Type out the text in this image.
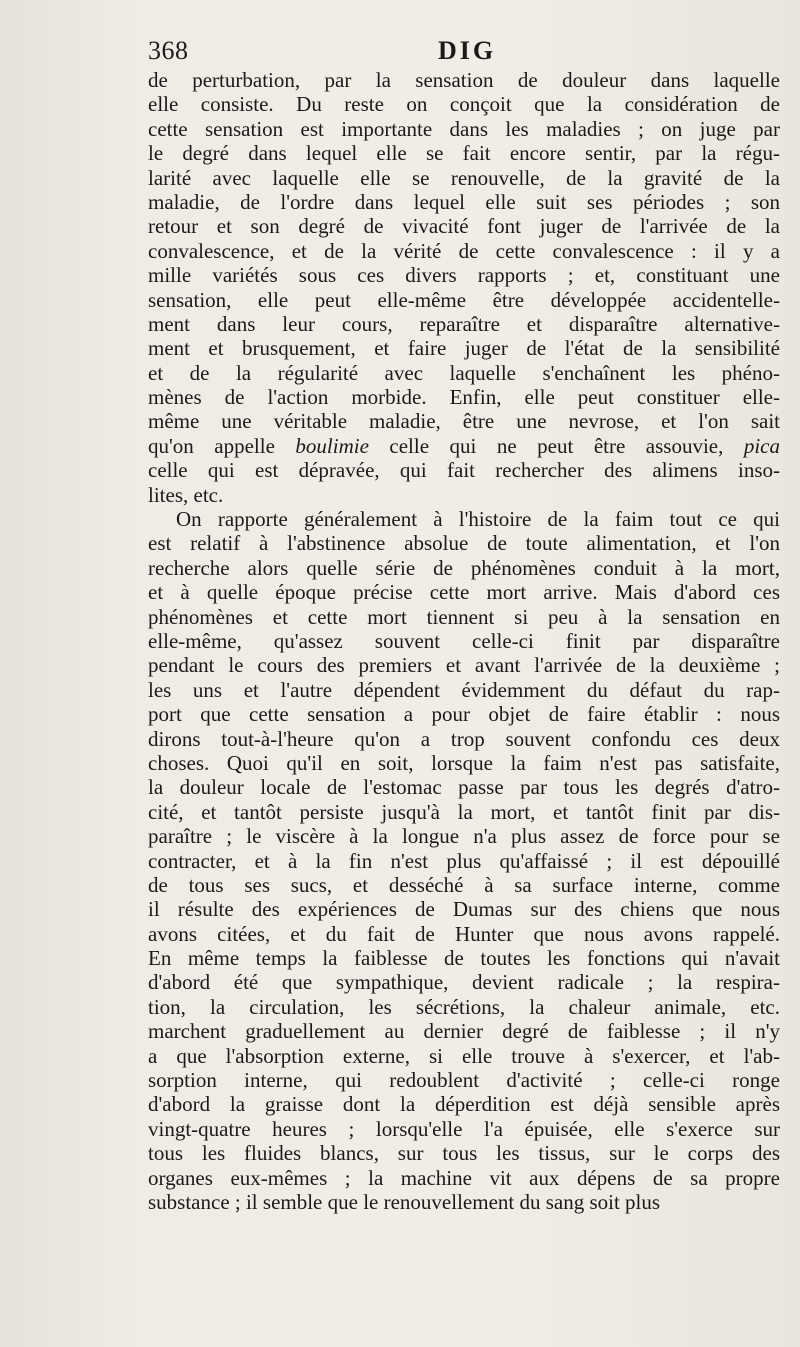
368	DIG
de perturbation, par la sensation de douleur dans laquelle
elle consiste. Du reste on conçoit que la considération de
cette sensation est importante dans les maladies ; on juge par
le degré dans lequel elle se fait encore sentir, par la régu-
larité avec laquelle elle se renouvelle, de la gravité de la
maladie, de l'ordre dans lequel elle suit ses périodes ; son
retour et son degré de vivacité font juger de l'arrivée de la
convalescence, et de la vérité de cette convalescence : il y a
mille variétés sous ces divers rapports ; et, constituant une
sensation, elle peut elle-même être développée accidentelle-
ment dans leur cours, reparaître et disparaître alternative-
ment et brusquement, et faire juger de l'état de la sensibilité
et de la régularité avec laquelle s'enchaînent les phéno-
mènes de l'action morbide. Enfin, elle peut constituer elle-
même une véritable maladie, être une nevrose, et l'on sait
qu'on appelle boulimie celle qui ne peut être assouvie, pica
celle qui est dépravée, qui fait rechercher des alimens inso-
lites, etc.
On rapporte généralement à l'histoire de la faim tout ce qui
est relatif à l'abstinence absolue de toute alimentation, et l'on
recherche alors quelle série de phénomènes conduit à la mort,
et à quelle époque précise cette mort arrive. Mais d'abord ces
phénomènes et cette mort tiennent si peu à la sensation en
elle-même, qu'assez souvent celle-ci finit par disparaître
pendant le cours des premiers et avant l'arrivée de la deuxième ;
les uns et l'autre dépendent évidemment du défaut du rap-
port que cette sensation a pour objet de faire établir : nous
dirons tout-à-l'heure qu'on a trop souvent confondu ces deux
choses. Quoi qu'il en soit, lorsque la faim n'est pas satisfaite,
la douleur locale de l'estomac passe par tous les degrés d'atro-
cité, et tantôt persiste jusqu'à la mort, et tantôt finit par dis-
paraître ; le viscère à la longue n'a plus assez de force pour se
contracter, et à la fin n'est plus qu'affaissé ; il est dépouillé
de tous ses sucs, et desséché à sa surface interne, comme
il résulte des expériences de Dumas sur des chiens que nous
avons citées, et du fait de Hunter que nous avons rappelé.
En même temps la faiblesse de toutes les fonctions qui n'avait
d'abord été que sympathique, devient radicale ; la respira-
tion, la circulation, les sécrétions, la chaleur animale, etc.
marchent graduellement au dernier degré de faiblesse ; il n'y
a que l'absorption externe, si elle trouve à s'exercer, et l'ab-
sorption interne, qui redoublent d'activité ; celle-ci ronge
d'abord la graisse dont la déperdition est déjà sensible après
vingt-quatre heures ; lorsqu'elle l'a épuisée, elle s'exerce sur
tous les fluides blancs, sur tous les tissus, sur le corps des
organes eux-mêmes ; la machine vit aux dépens de sa propre
substance ; il semble que le renouvellement du sang soit plus
